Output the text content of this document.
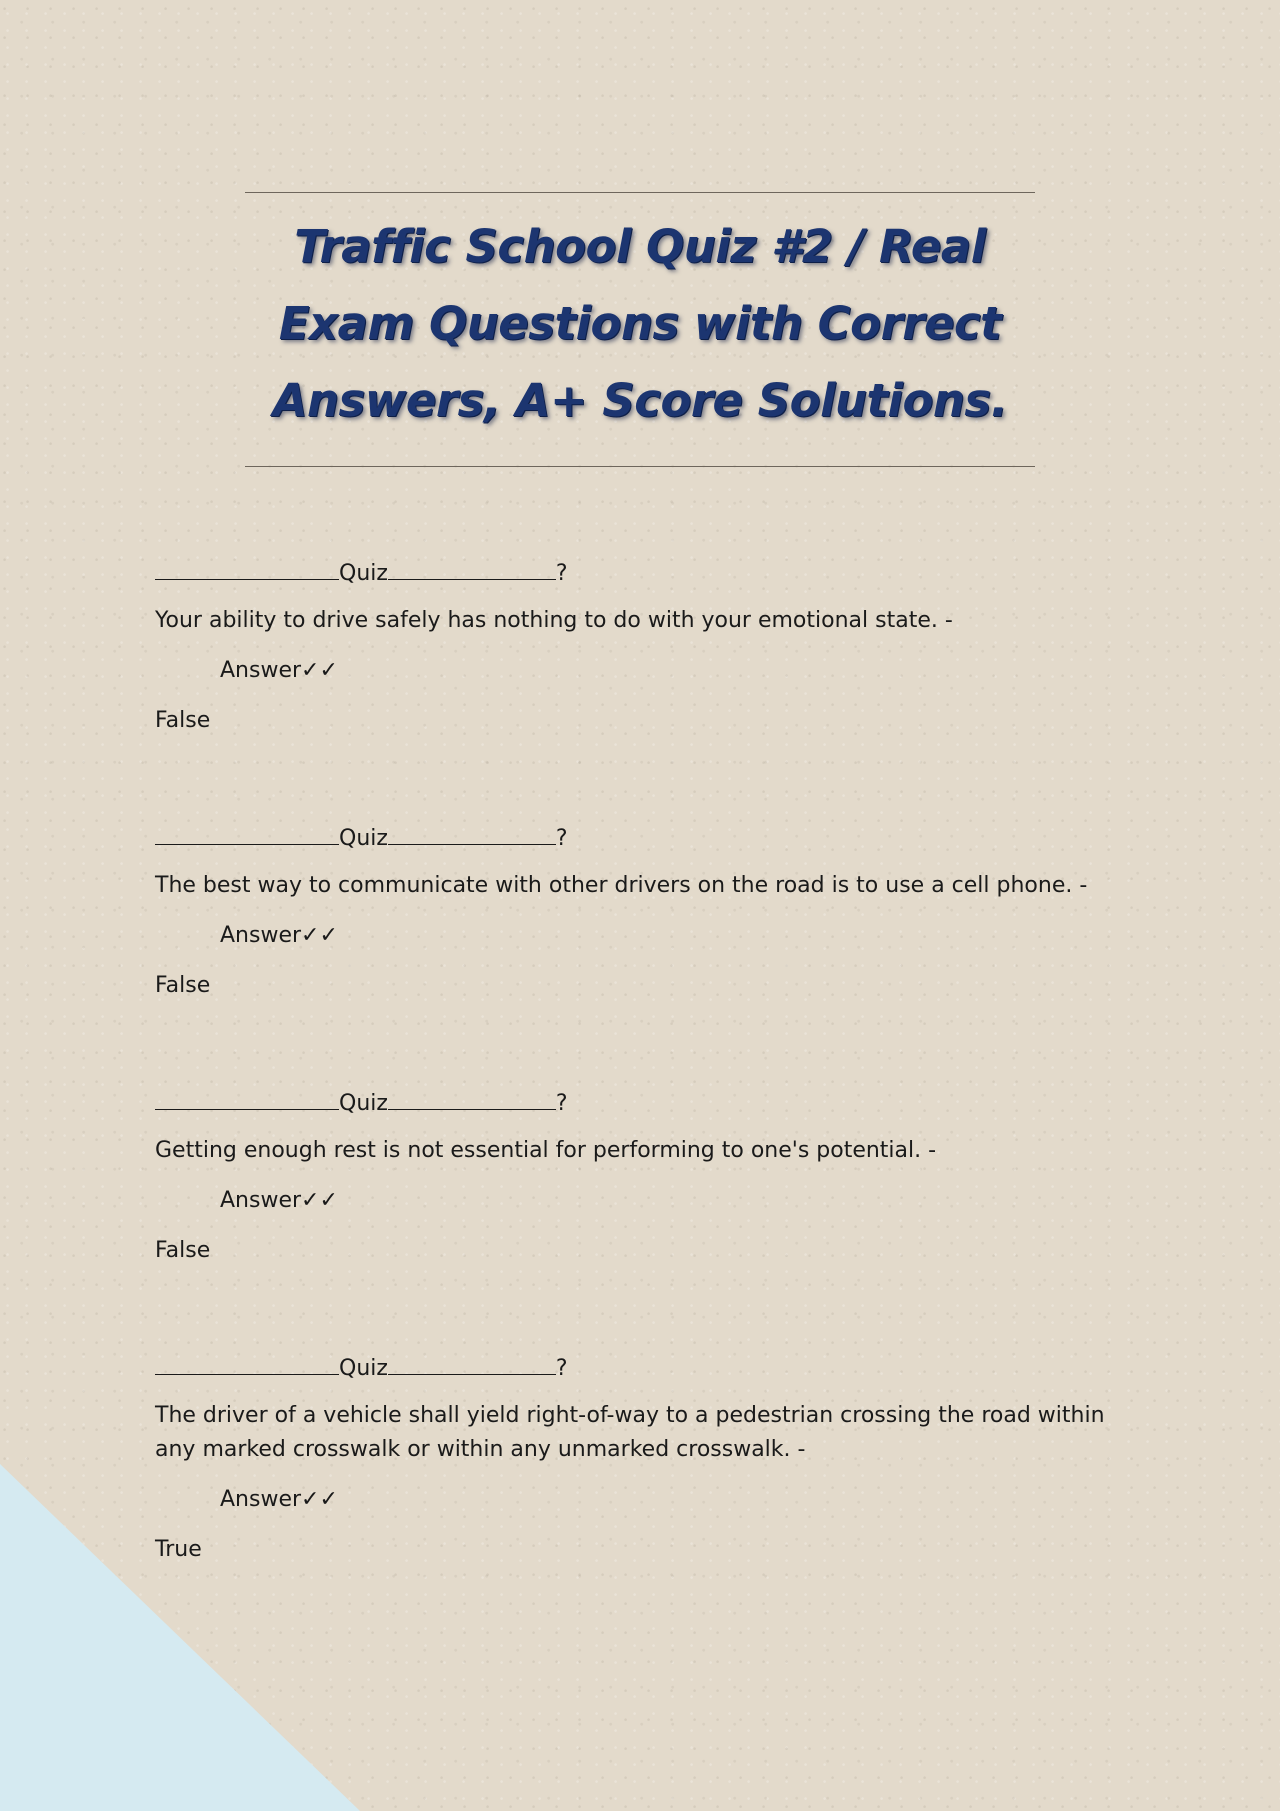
Traffic School Quiz #2 / Real
Exam Questions with Correct
Answers, A+ Score Solutions.
Quiz	?
Your ability to drive safely has nothing to do with your emotional state. -
Answer✓✓
False
Quiz	?
The best way to communicate with other drivers on the road is to use a cell phone. -
Answer✓✓
False
Quiz	?
Getting enough rest is not essential for performing to one's potential. -
Answer✓✓
False
Quiz	?
The driver of a vehicle shall yield right-of-way to a pedestrian crossing the road within any marked crosswalk or within any unmarked crosswalk. -
Answer✓✓
True
